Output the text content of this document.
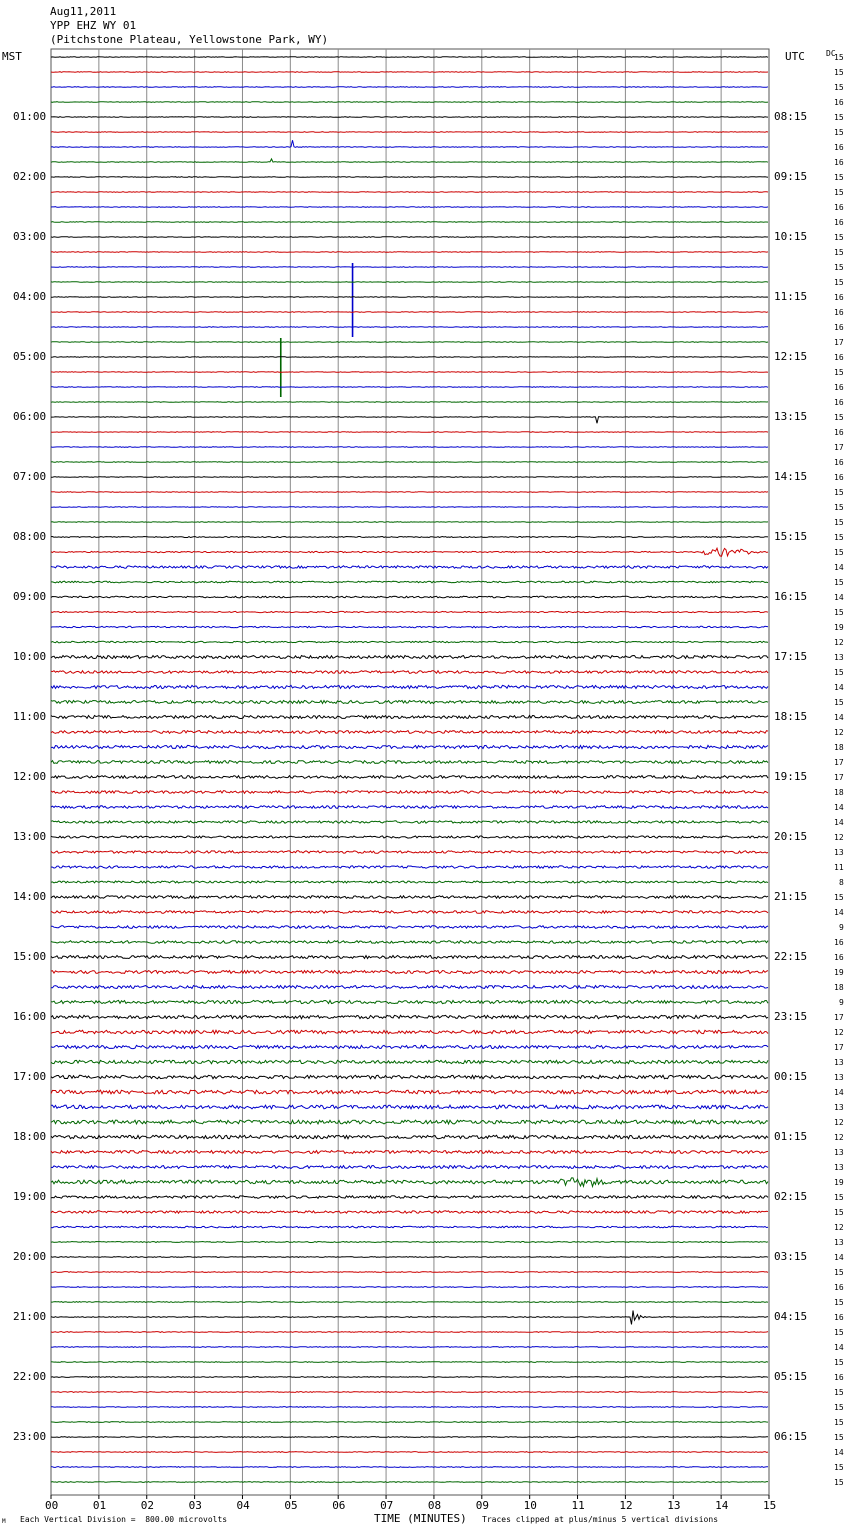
Aug11,2011
YPP EHZ WY 01
(Pitchstone Plateau, Yellowstone Park, WY)
MST	UTC	DC
01:00
02:00
03:00
04:00
05:00
06:00
07:00
08:00
09:00
10:00
11:00
12:00
13:00
14:00
15:00
16:00
17:00
18:00
19:00
20:00
21:00
22:00
23:00
08:15
09:15
10:15
11:15
12:15
13:15
14:15
15:15
16:15
17:15
18:15
19:15
20:15
21:15
22:15
23:15
00:15
01:15
02:15
03:15
04:15
05:15
06:15
15
15
15
16
15
15
16
16
15
15
16
16
15
15
15
15
16
16
16
17
16
15
16
16
15
16
17
16
16
15
15
15
15
15
14
15
14
15
19
12
13
15
14
15
14
12
18
17
17
18
14
14
12
13
11
8
15
14
9
16
16
19
18
9
17
12
17
13
13
14
13
12
12
13
13
19
15
15
12
13
14
15
16
15
16
15
14
15
16
15
15
15
15
14
15
15
00	01	02	03	04	05	06	07	08	09	10	11	12	13	14	15
TIME (MINUTES)
M Each Vertical Division =  800.00 microvolts	Traces clipped at plus/minus 5 vertical divisions
